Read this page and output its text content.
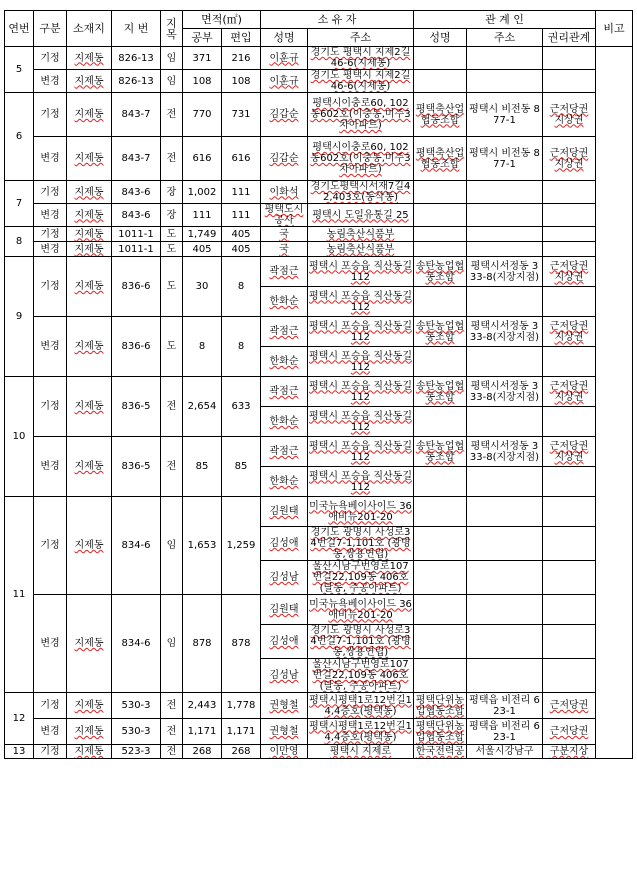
연번	구분	소재지	지 번	지목	면적(㎡)		소 유 자		관 계 인			비고
					공부	편입	성명	주소	성명	주소	권리관계	
5	기정	지제동	826-13	임	371	216	이훈규	경기도 평택시 지제2길46-6(지제동)				
	변경	지제동	826-13	임	108	108	이훈규	경기도 평택시 지제2길46-6(지제동)				
6	기정	지제동	843-7	전	770	731	김갑순	평택시이충로60, 102동602호(이충동,미주3차아파트)	평택축산업협동조합	평택시 비전동 877-1	근저당권 지상권	
	변경	지제동	843-7	전	616	616	김갑순	평택시이충로60, 102동602호(이충동,미주3차아파트)	평택축산업협동조합	평택시 비전동 877-1	근저당권 지상권	
7	기정	지제동	843-6	장	1,002	111	이화석	경기도평택시서재7길42,403호(동삭동)				
	변경	지제동	843-6	장	111	111	평택도시공사	평택시 도일유통길 25				
8	기정	지제동	1011-1	도	1,749	405	국	농림축산식품부				
	변경	지제동	1011-1	도	405	405	국	농림축산식품부				
9	기정	지제동	836-6	도	30	8	곽점근	평택시 포승읍 직산동길 112	송탄농업협동조합	평택시서정동 333-8(지장지점)	근저당권 지상권	
							한화순	평택시 포승읍 직산동길 112				
	변경	지제동	836-6	도	8	8	곽점근	평택시 포승읍 직산동길 112	송탄농업협동조합	평택시서정동 333-8(지장지점)	근저당권 지상권	
							한화순	평택시 포승읍 직산동길 112				
10	기정	지제동	836-5	전	2,654	633	곽점근	평택시 포승읍 직산동길 112	송탄농업협동조합	평택시서정동 333-8(지장지점)	근저당권 지상권	
							한화순	평택시 포승읍 직산동길 112				
	변경	지제동	836-5	전	85	85	곽점근	평택시 포승읍 직산동길 112	송탄농업협동조합	평택시서정동 333-8(지장지점)	근저당권 지상권	
							한화순	평택시 포승읍 직산동길 112				
11	기정	지제동	834-6	임	1,653	1,259	김원태	미국뉴욕베이사이드 36 애비뉴201-20				
							김성애	경기도 광명시 사성로34번길7-1,101호 (광명동,쌍용연립)				
							김성남	울산시남구번영로107번길22,109동 406호 (달동, 주공아파트)				
	변경	지제동	834-6	임	878	878	김원태	미국뉴욕베이사이드 36 애비뉴201-20				
							김성애	경기도 광명시 사성로34번길7-1,101호 (광명동,쌍용연립)				
							김성남	울산시남구번영로107번길22,109동 406호 (달동, 주공아파트)				
12	기정	지제동	530-3	전	2,443	1,778	권형철	평택시평택1로12번길14,4층호(평택동)	평택단위농업협동조합	평택읍 비전리 623-1	근저당권	
	변경	지제동	530-3	전	1,171	1,171	권형철	평택시평택1로12번길14,4층호(평택동)	평택단위농업협동조합	평택읍 비전리 623-1	근저당권	
13	기정	지제동	523-3	전	268	268	이만영	평택시 지제로	한국전력공	서울시강남구	구분지상	
